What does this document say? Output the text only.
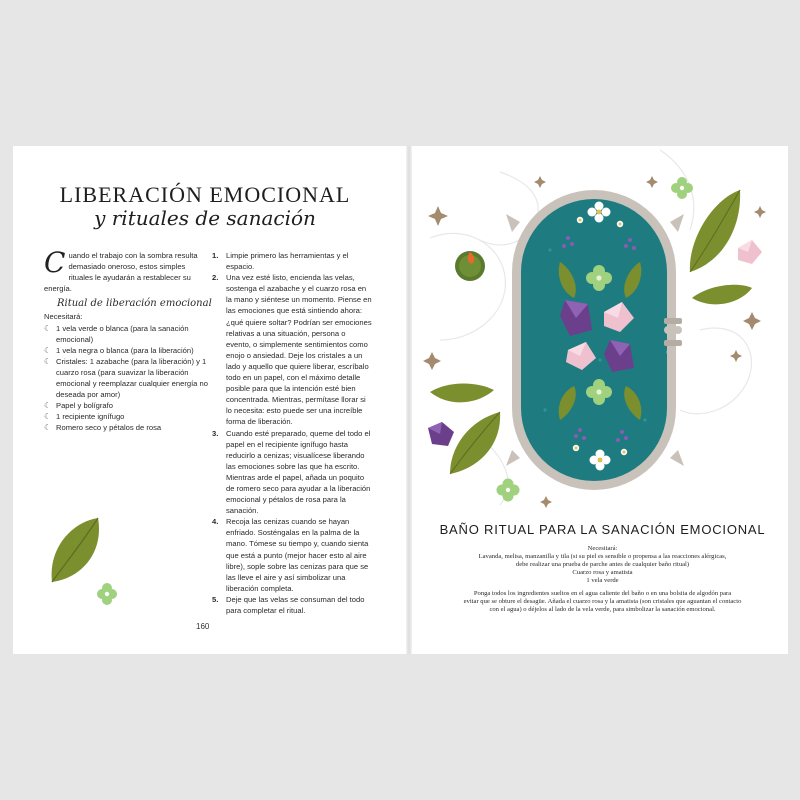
LIBERACIÓN EMOCIONAL
y rituales de sanación
Cuando el trabajo con la sombra resulta demasiado oneroso, estos simples rituales le ayudarán a restablecer su energía.
Ritual de liberación emocional
Necesitará:
☾ 1 vela verde o blanca (para la sanación emocional)
☾ 1 vela negra o blanca (para la liberación)
☾ Cristales: 1 azabache (para la liberación) y 1 cuarzo rosa (para suavizar la liberación emocional y reemplazar cualquier energía no deseada por amor)
☾ Papel y bolígrafo
☾ 1 recipiente ignífugo
☾ Romero seco y pétalos de rosa
1. Limpie primero las herramientas y el espacio.
2. Una vez esté listo, encienda las velas, sostenga el azabache y el cuarzo rosa en la mano y siéntese un momento. Piense en las emociones que está sintiendo ahora: ¿qué quiere soltar? Podrían ser emociones relativas a una situación, persona o evento, o simplemente sentimientos como enojo o ansiedad. Deje los cristales a un lado y aquello que quiere liberar, escríbalo todo en un papel, con el máximo detalle posible para que la intención esté bien concentrada. Mientras, permítase llorar si lo necesita: esto puede ser una increíble forma de liberación.
3. Cuando esté preparado, queme del todo el papel en el recipiente ignífugo hasta reducirlo a cenizas; visualícese liberando las emociones sobre las que ha escrito. Mientras arde el papel, añada un poquito de romero seco para ayudar a la liberación emocional y pétalos de rosa para la sanación.
4. Recoja las cenizas cuando se hayan enfriado. Sosténgalas en la palma de la mano. Tómese su tiempo y, cuando sienta que está a punto (mejor hacer esto al aire libre), sople sobre las cenizas para que se las lleve el aire y así simbolizar una liberación completa.
5. Deje que las velas se consuman del todo para completar el ritual.
160
BAÑO RITUAL PARA LA SANACIÓN EMOCIONAL

Necesitará:

Lavanda, melisa, manzanilla y tila (si su piel es sensible o propensa a las reacciones alérgicas,

debe realizar una prueba de parche antes de cualquier baño ritual)

Cuarzo rosa y amatista

1 vela verde

Ponga todos los ingredientes sueltos en el agua caliente del baño o en una bolsita de algodón para

evitar que se obture el desagüe. Añada el cuarzo rosa y la amatista (son cristales que aguantan el contacto

con el agua) o déjelos al lado de la vela verde, para simbolizar la sanación emocional.
